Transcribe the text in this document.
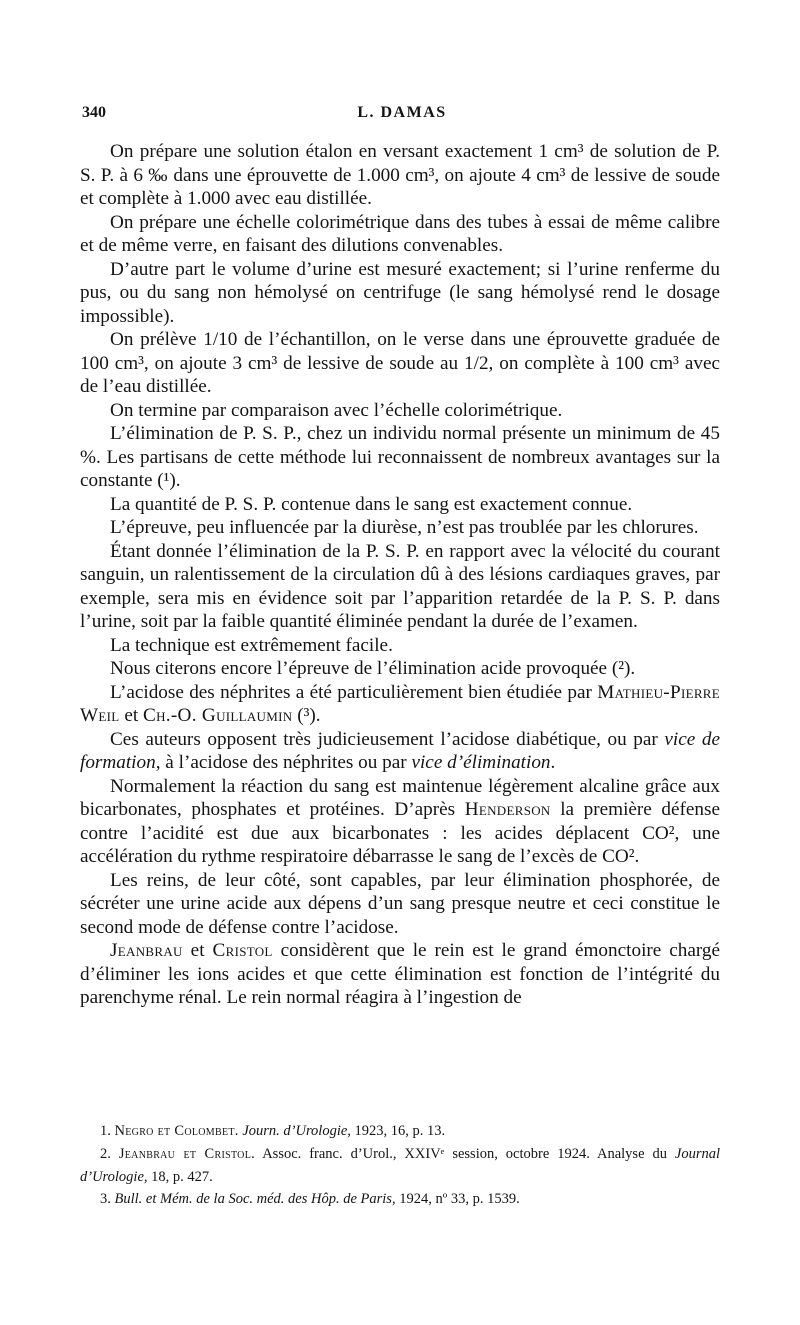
340	L. DAMAS

On prépare une solution étalon en versant exactement 1 cm³ de solution de P. S. P. à 6 ‰ dans une éprouvette de 1.000 cm³, on ajoute 4 cm³ de lessive de soude et complète à 1.000 avec eau distillée.

On prépare une échelle colorimétrique dans des tubes à essai de même calibre et de même verre, en faisant des dilutions convenables.

D’autre part le volume d’urine est mesuré exactement; si l’urine renferme du pus, ou du sang non hémolysé on centrifuge (le sang hémolysé rend le dosage impossible).

On prélève 1/10 de l’échantillon, on le verse dans une éprouvette graduée de 100 cm³, on ajoute 3 cm³ de lessive de soude au 1/2, on complète à 100 cm³ avec de l’eau distillée.

On termine par comparaison avec l’échelle colorimétrique.

L’élimination de P. S. P., chez un individu normal présente un minimum de 45 %. Les partisans de cette méthode lui reconnaissent de nombreux avantages sur la constante (¹).

La quantité de P. S. P. contenue dans le sang est exactement connue.

L’épreuve, peu influencée par la diurèse, n’est pas troublée par les chlorures.

Étant donnée l’élimination de la P. S. P. en rapport avec la vélocité du courant sanguin, un ralentissement de la circulation dû à des lésions cardiaques graves, par exemple, sera mis en évidence soit par l’apparition retardée de la P. S. P. dans l’urine, soit par la faible quantité éliminée pendant la durée de l’examen.

La technique est extrêmement facile.

Nous citerons encore l’épreuve de l’élimination acide provoquée (²).

L’acidose des néphrites a été particulièrement bien étudiée par Mathieu-Pierre Weil et Ch.-O. Guillaumin (³).

Ces auteurs opposent très judicieusement l’acidose diabétique, ou par vice de formation, à l’acidose des néphrites ou par vice d’élimination.

Normalement la réaction du sang est maintenue légèrement alcaline grâce aux bicarbonates, phosphates et protéines. D’après Henderson la première défense contre l’acidité est due aux bicarbonates : les acides déplacent CO², une accélération du rythme respiratoire débarrasse le sang de l’excès de CO².

Les reins, de leur côté, sont capables, par leur élimination phosphorée, de sécréter une urine acide aux dépens d’un sang presque neutre et ceci constitue le second mode de défense contre l’acidose.

Jeanbrau et Cristol considèrent que le rein est le grand émonctoire chargé d’éliminer les ions acides et que cette élimination est fonction de l’intégrité du parenchyme rénal. Le rein normal réagira à l’ingestion de

1. Negro et Colombet. Journ. d’Urologie, 1923, 16, p. 13.

2. Jeanbrau et Cristol. Assoc. franc. d’Urol., XXIVᵉ session, octobre 1924. Analyse du Journal d’Urologie, 18, p. 427.

3. Bull. et Mém. de la Soc. méd. des Hôp. de Paris, 1924, nº 33, p. 1539.
